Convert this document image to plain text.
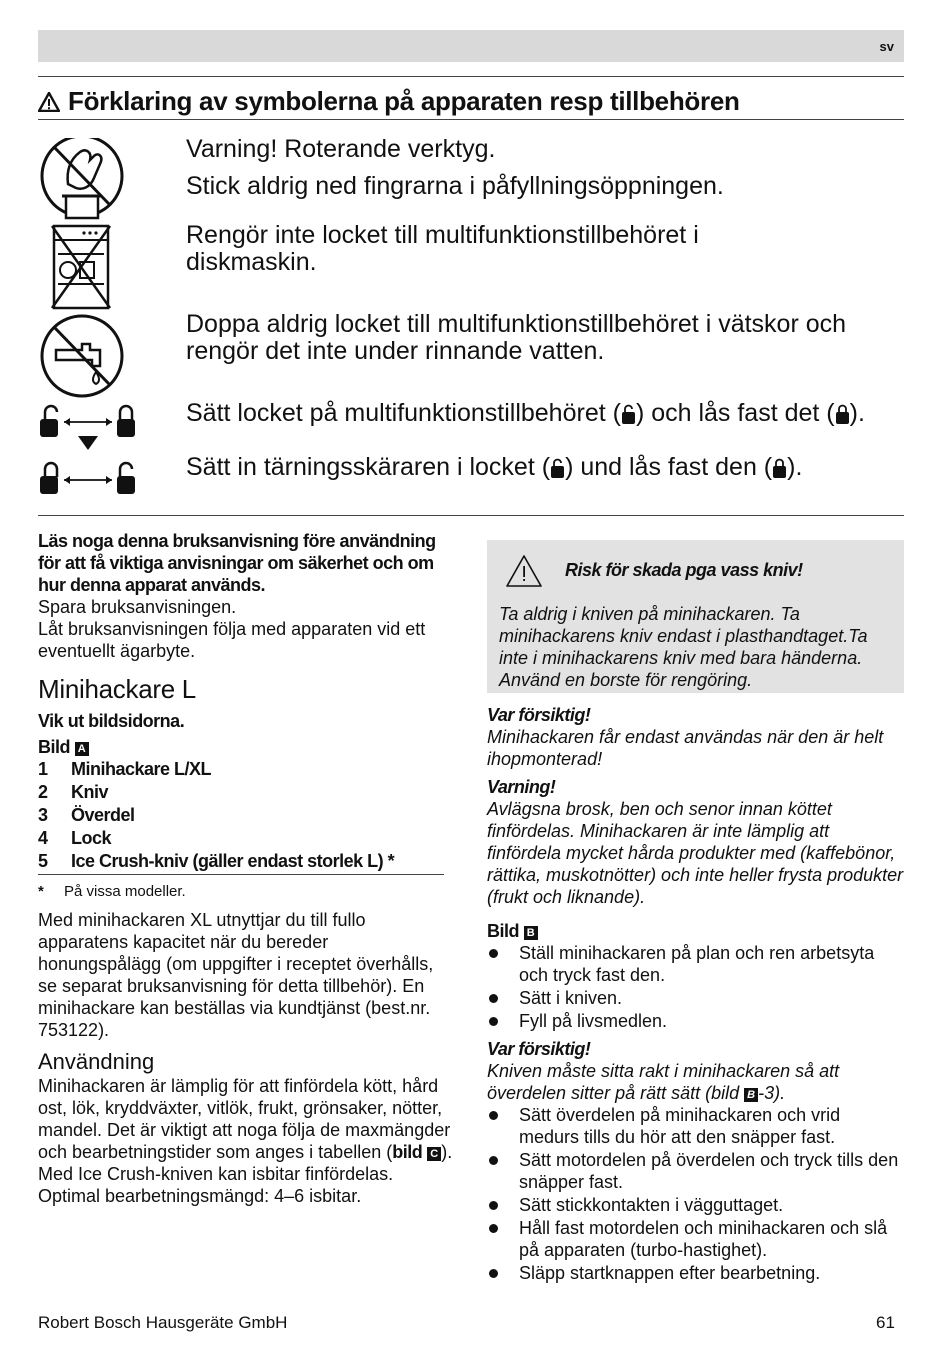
sv
Förklaring av symbolerna på apparaten resp tillbehören

Varning! Roterande verktyg.

Stick aldrig ned fingrarna i påfyllningsöppningen.

Rengör inte locket till multifunktionstillbehöret i diskmaskin.
Doppa aldrig locket till multifunktionstillbehöret i vätskor och rengör det inte under rinnande vatten.
Sätt locket på multifunktionstillbehöret ( ) och lås fast det ( ).
Sätt in tärningsskäraren i locket ( ) und lås fast den ( ).
Läs noga denna bruksanvisning före användning för att få viktiga anvisningar om säkerhet och om hur denna apparat används.
Spara bruksanvisningen.
Låt bruksanvisningen följa med apparaten vid ett eventuellt ägarbyte.
Minihackare L
Vik ut bildsidorna.
Bild A
1	Minihackare L/XL
2	Kniv
3	Överdel
4	Lock
5	Ice Crush-kniv (gäller endast storlek L) *
* På vissa modeller.
Med minihackaren XL utnyttjar du till fullo apparatens kapacitet när du bereder honungspålägg (om uppgifter i receptet överhålls, se separat bruksanvisning för detta tillbehör). En minihackare kan beställas via kundtjänst (best.nr. 753122).
Användning
Minihackaren är lämplig för att finfördela kött, hård ost, lök, kryddväxter, vitlök, frukt, grönsaker, nötter, mandel. Det är viktigt att noga följa de maxmängder och bearbetningstider som anges i tabellen (bild C ).
Med Ice Crush-kniven kan isbitar finfördelas.
Optimal bearbetningsmängd: 4–6 isbitar.
Risk för skada pga vass kniv!
Ta aldrig i kniven på minihackaren. Ta minihackarens kniv endast i plasthandtaget.Ta inte i minihackarens kniv med bara händerna. Använd en borste för rengöring.
Var försiktig!
Minihackaren får endast användas när den är helt ihopmonterad!
Varning!
Avlägsna brosk, ben och senor innan köttet finfördelas. Minihackaren är inte lämplig att finfördela mycket hårda produkter med (kaffebönor, rättika, muskotnötter) och inte heller frysta produkter (frukt och liknande).
Bild B
Ställ minihackaren på plan och ren arbetsyta och tryck fast den.
Sätt i kniven.
Fyll på livsmedlen.
Var försiktig!
Kniven måste sitta rakt i minihackaren så att överdelen sitter på rätt sätt (bild B -3).
Sätt överdelen på minihackaren och vrid medurs tills du hör att den snäpper fast.
Sätt motordelen på överdelen och tryck tills den snäpper fast.
Sätt stickkontakten i vägguttaget.
Håll fast motordelen och minihackaren och slå på apparaten (turbo-hastighet).
Släpp startknappen efter bearbetning.
Robert Bosch Hausgeräte GmbH	61
